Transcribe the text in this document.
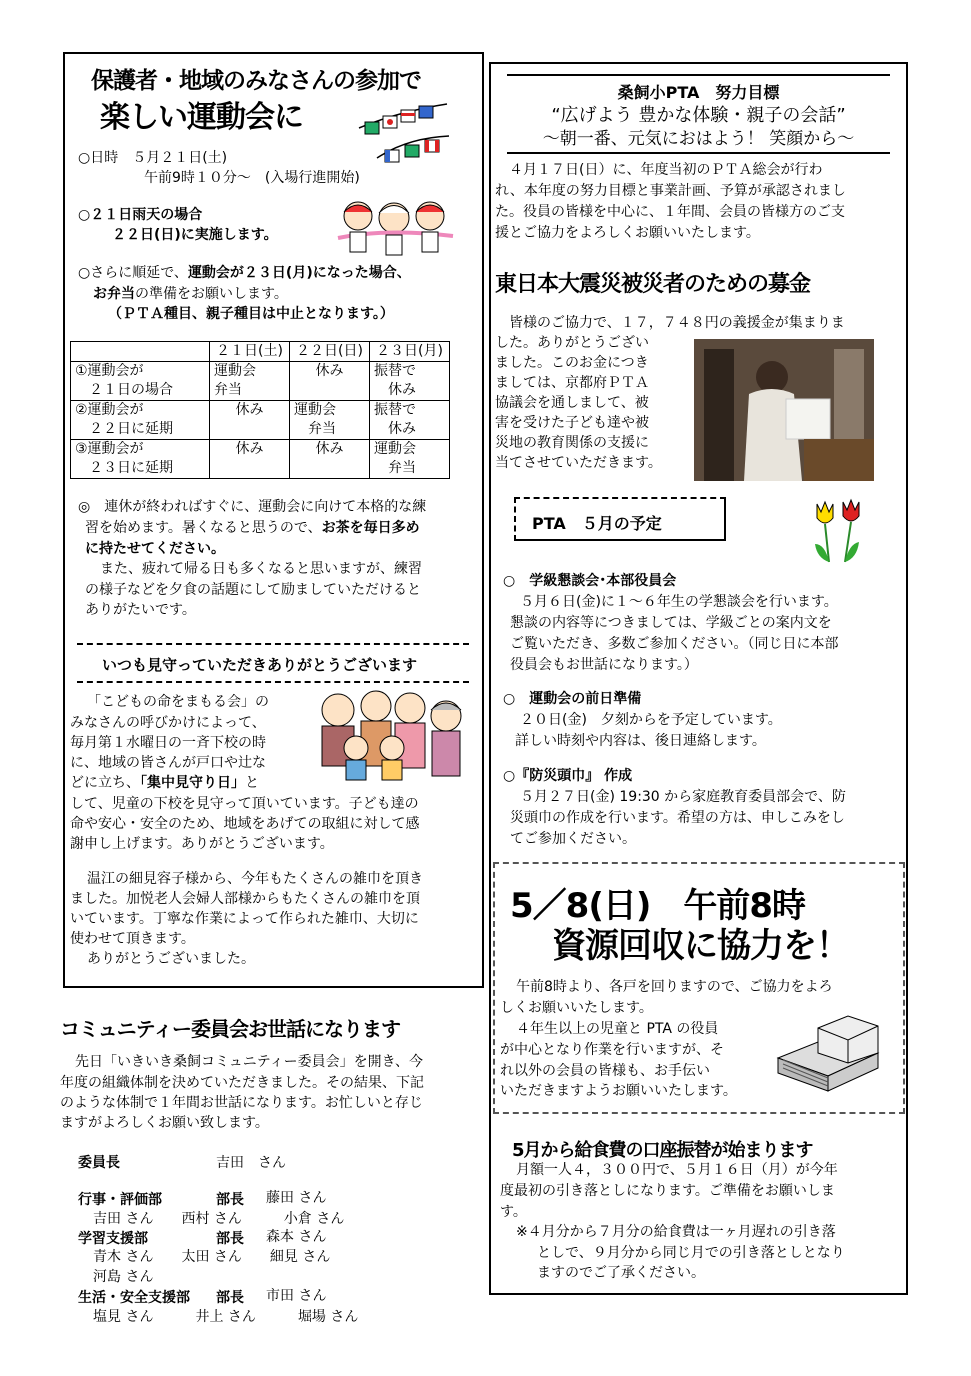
保護者・地域のみなさんの参加で
楽しい運動会に
○日時　５月２１日(土)
午前9時１０分～　(入場行進開始)
○２１日雨天の場合
２２日(日)に実施します。
○さらに順延で、運動会が２３日(月)になった場合、
お弁当の準備をお願いします。
（ＰＴＡ種目、親子種目は中止となります。）
	２１日(土)	２２日(日)	２３日(月)
①運動会が
　２１日の場合	運動会
弁当	休み	振替で
　休み
②運動会が
　２２日に延期	休み	運動会
　弁当	振替で
　休み
③運動会が
　２３日に延期	休み	休み	運動会
　弁当
◎　連休が終わればすぐに、運動会に向けて本格的な練
習を始めます。暑くなると思うので、お茶を毎日多め
に持たせてください。
また、疲れて帰る日も多くなると思いますが、練習
の様子などを夕食の話題にして励ましていただけると
ありがたいです。
いつも見守っていただきありがとうございます
「こどもの命をまもる会」の
みなさんの呼びかけによって、
毎月第１水曜日の一斉下校の時
に、地域の皆さんが戸口や辻な
どに立ち、「集中見守り日」と
して、児童の下校を見守って頂いています。子ども達の
命や安心・安全のため、地域をあげての取組に対して感
謝申し上げます。ありがとうございます。
温江の細見容子様から、今年もたくさんの雑巾を頂き
ました。加悦老人会婦人部様からもたくさんの雑巾を頂
いています。丁寧な作業によって作られた雑巾、大切に
使わせて頂きます。
ありがとうございました。
コミュニティー委員会お世話になります
先日「いきいき桑飼コミュニティー委員会」を開き、今
年度の組織体制を決めていただきました。その結果、下記
のような体制で１年間お世話になります。お忙しいと存じ
ますがよろしくお願い致します。
委員長	吉田　さん
行事・評価部	部長 藤田 さん
吉田 さん　　西村 さん　　　小倉 さん
学習支援部	部長 森本 さん
青木 さん　　太田 さん　　細見 さん
河島 さん
生活・安全支援部 部長 市田 さん
塩見 さん　　　井上 さん　　　堀場 さん
桑飼小PTA　努力目標
“広げよう 豊かな体験・親子の会話”
～朝一番、元気におはよう！ 笑顔から～
４月１７日(日）に、年度当初のＰＴＡ総会が行わ
れ、本年度の努力目標と事業計画、予算が承認されまし
た。役員の皆様を中心に、１年間、会員の皆様方のご支
援とご協力をよろしくお願いいたします。
東日本大震災被災者のための募金
皆様のご協力で、１７，７４８円の義援金が集まりま
した。ありがとうござい
ました。このお金につき
ましては、京都府ＰＴＡ
協議会を通しまして、被
害を受けた子ども達や被
災地の教育関係の支援に
当てさせていただきます。
PTA　５月の予定
○　学級懇談会･本部役員会
５月６日(金)に１～６年生の学懇談会を行います。
懇談の内容等につきましては、学級ごとの案内文を
ご覧いただき、多数ご参加ください。（同じ日に本部
役員会もお世話になります。）
○　運動会の前日準備
２０日(金)　夕刻からを予定しています。
詳しい時刻や内容は、後日連絡します。
○『防災頭巾』 作成
５月２７日(金) 19:30 から家庭教育委員部会で、防
災頭巾の作成を行います。希望の方は、申しこみをし
てご参加ください。
5／8(日)　午前8時
資源回収に協力を！
午前8時より、各戸を回りますので、ご協力をよろ
しくお願いいたします。
４年生以上の児童と PTA の役員
が中心となり作業を行いますが、そ
れ以外の会員の皆様も、お手伝い
いただきますようお願いいたします。
5月から給食費の口座振替が始まります
月額一人４，３００円で、５月１６日（月）が今年
度最初の引き落としになります。ご準備をお願いしま
す。
※４月分から７月分の給食費は一ヶ月遅れの引き落
としで、９月分から同じ月での引き落としとなり
ますのでご了承ください。
